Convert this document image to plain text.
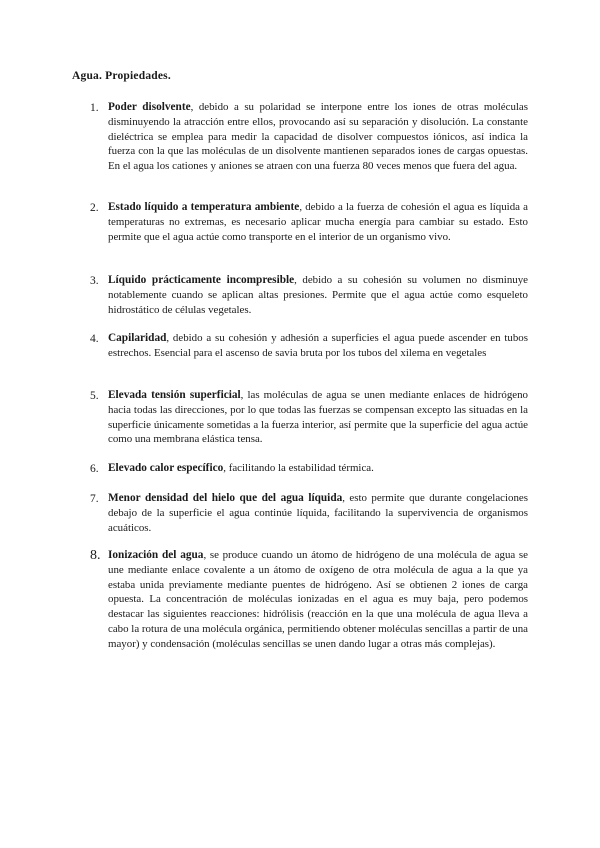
Agua. Propiedades.
1. Poder disolvente, debido a su polaridad se interpone entre los iones de otras moléculas disminuyendo la atracción entre ellos, provocando así su separación y disolución. La constante dieléctrica se emplea para medir la capacidad de disolver compuestos iónicos, así indica la fuerza con la que las moléculas de un disolvente mantienen separados iones de cargas opuestas. En el agua los cationes y aniones se atraen con una fuerza 80 veces menos que fuera del agua.
2. Estado líquido a temperatura ambiente, debido a la fuerza de cohesión el agua es líquida a temperaturas no extremas, es necesario aplicar mucha energía para cambiar su estado. Esto permite que el agua actúe como transporte en el interior de un organismo vivo.
3. Líquido prácticamente incompresible, debido a su cohesión su volumen no disminuye notablemente cuando se aplican altas presiones. Permite que el agua actúe como esqueleto hidrostático de células vegetales.
4. Capilaridad, debido a su cohesión y adhesión a superficies el agua puede ascender en tubos estrechos. Esencial para el ascenso de savia bruta por los tubos del xilema en vegetales
5. Elevada tensión superficial, las moléculas de agua se unen mediante enlaces de hidrógeno hacia todas las direcciones, por lo que todas las fuerzas se compensan excepto las situadas en la superficie únicamente sometidas a la fuerza interior, así permite que la superficie del agua actúe como una membrana elástica tensa.
6. Elevado calor específico, facilitando la estabilidad térmica.
7. Menor densidad del hielo que del agua líquida, esto permite que durante congelaciones debajo de la superficie el agua continúe líquida, facilitando la supervivencia de organismos acuáticos.
8. Ionización del agua, se produce cuando un átomo de hidrógeno de una molécula de agua se une mediante enlace covalente a un átomo de oxígeno de otra molécula de agua a la que ya estaba unida previamente mediante puentes de hidrógeno. Así se obtienen 2 iones de carga opuesta. La concentración de moléculas ionizadas en el agua es muy baja, pero podemos destacar las siguientes reacciones: hidrólisis (reacción en la que una molécula de agua lleva a cabo la rotura de una molécula orgánica, permitiendo obtener moléculas sencillas a partir de una mayor) y condensación (moléculas sencillas se unen dando lugar a otras más complejas).
